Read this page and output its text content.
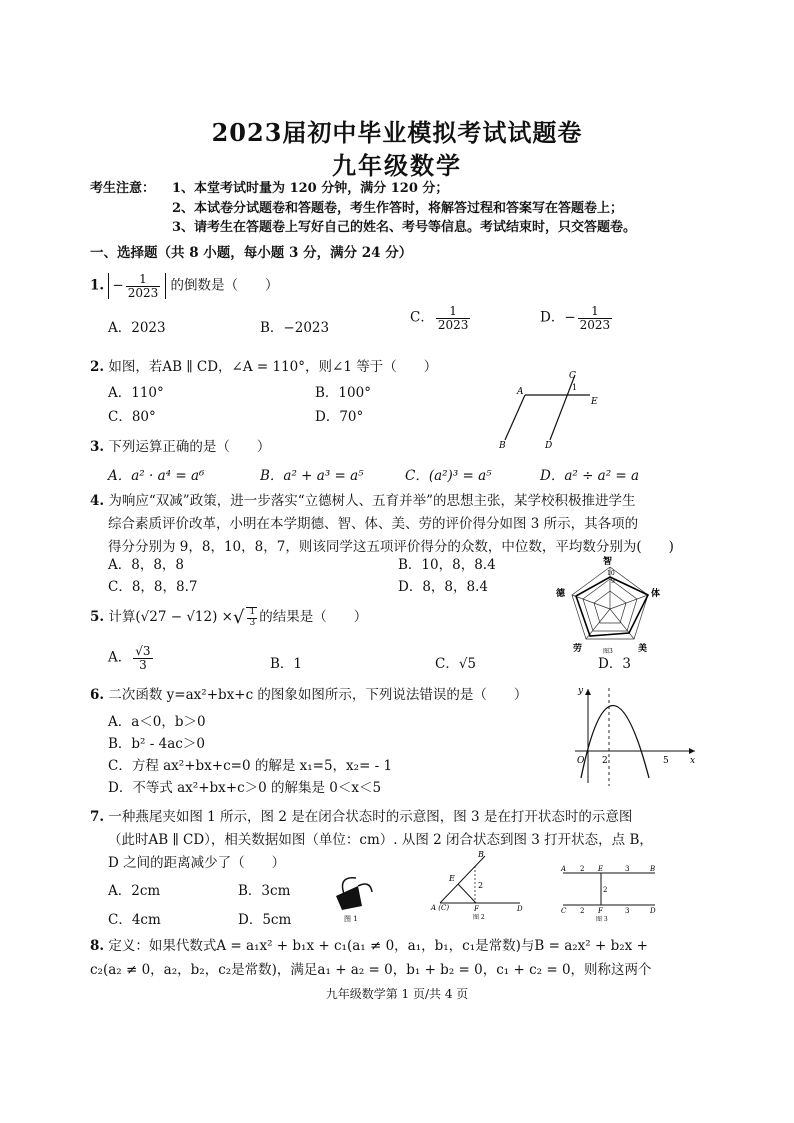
2023届初中毕业模拟考试试题卷
九年级数学
考生注意： 1、本堂考试时量为 120 分钟，满分 120 分；
2、本试卷分试题卷和答题卷，考生作答时，将解答过程和答案写在答题卷上；
3、请考生在答题卷上写好自己的姓名、考号等信息。考试结束时，只交答题卷。
一、选择题（共 8 小题，每小题 3 分，满分 24 分）
1. − $\frac{1}{2023}$ 的倒数是（　　）
A．2023	B．−2023
C． $\frac{1}{2023}$	D．− $\frac{1}{2023}$
2. 如图，若AB ∥ CD，∠A = 110°，则∠1 等于（　　）
A．110°	B．100°
C．80°	D．70°
A
B
C
D
E
1
3. 下列运算正确的是（　　）
A．a² · a⁴ = a⁶	B．a² + a³ = a⁵	C．(a²)³ = a⁵	D．a² ÷ a² = a
4. 为响应“双减”政策，进一步落实“立德树人、五育并举”的思想主张，某学校积极推进学生
综合素质评价改革，小明在本学期德、智、体、美、劳的评价得分如图 3 所示，其各项的
得分分别为 9，8，10，8，7，则该同学这五项评价得分的众数，中位数，平均数分别为(　　)
A．8，8，8	B．10，8，8.4
C．8，8，8.7	D．8，8，8.4
智
体
美
劳
德
10
9
图3
5. 计算(√27 − √12) ×√ $\frac{1}{3}$ 的结果是（　　）
A． $\frac{√3}{3}$	B．1	C．√5	D．3
6. 二次函数 y=ax²+bx+c 的图象如图所示，下列说法错误的是（　　）
A．a＜0，b＞0
B．b² - 4ac＞0
C．方程 ax²+bx+c=0 的解是 x₁=5，x₂= - 1
D．不等式 ax²+bx+c＞0 的解集是 0＜x＜5
y
x
O 2	5
7. 一种燕尾夹如图 1 所示，图 2 是在闭合状态时的示意图，图 3 是在打开状态时的示意图
（此时AB ∥ CD），相关数据如图（单位：cm）. 从图 2 闭合状态到图 3 打开状态，点 B，
D 之间的距离减少了（　　）
A．2cm	B．3cm
C．4cm	D．5cm	图 1
B
E
2
A (C)	F	D
图 2
A 2 E	3	B
2
C 2 F	3	D
图 3
8. 定义：如果代数式A = a₁x² + b₁x + c₁(a₁ ≠ 0，a₁，b₁，c₁是常数)与B = a₂x² + b₂x +
c₂(a₂ ≠ 0，a₂，b₂，c₂是常数)，满足a₁ + a₂ = 0，b₁ + b₂ = 0，c₁ + c₂ = 0，则称这两个
九年级数学第 1 页/共 4 页
